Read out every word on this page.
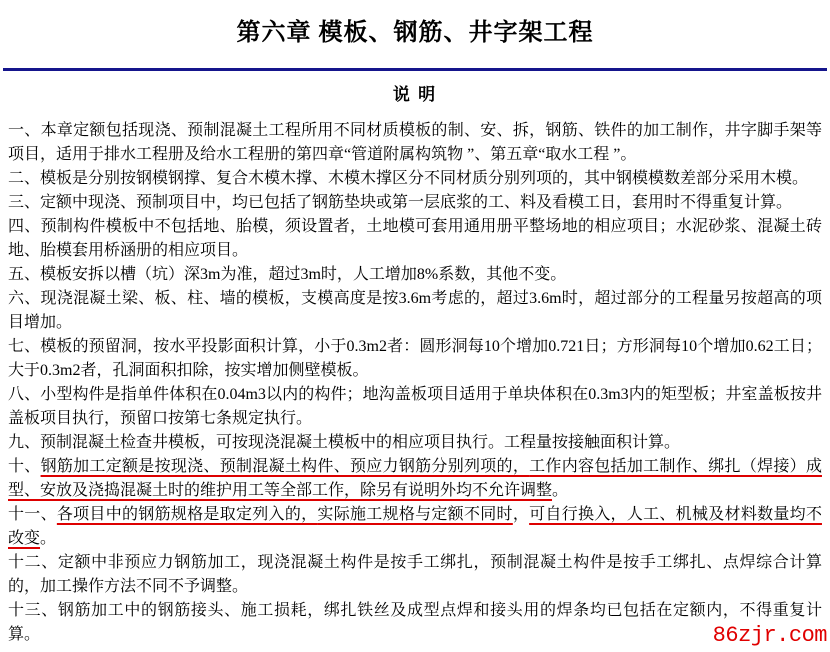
第六章 模板、钢筋、井字架工程
说 明

一、本章定额包括现浇、预制混凝土工程所用不同材质模板的制、安、拆，钢筋、铁件的加工制作，井字脚手架等项目，适用于排水工程册及给水工程册的第四章“管道附属构筑物 ”、第五章“取水工程 ”。

二、模板是分别按钢模钢撑、复合木模木撑、木模木撑区分不同材质分别列项的，其中钢模模数差部分采用木模。

三、定额中现浇、预制项目中，均已包括了钢筋垫块或第一层底浆的工、料及看模工日，套用时不得重复计算。

四、预制构件模板中不包括地、胎模，须设置者，土地模可套用通用册平整场地的相应项目；水泥砂浆、混凝土砖地、胎模套用桥涵册的相应项目。

五、模板安拆以槽（坑）深3m为准，超过3m时，人工增加8%系数，其他不变。

六、现浇混凝土梁、板、柱、墙的模板，支模高度是按3.6m考虑的，超过3.6m时，超过部分的工程量另按超高的项目增加。

七、模板的预留洞，按水平投影面积计算，小于0.3m2者：圆形洞每10个增加0.721日；方形洞每10个增加0.62工日；大于0.3m2者，孔洞面积扣除，按实增加侧壁模板。

八、小型构件是指单件体积在0.04m3以内的构件；地沟盖板项目适用于单块体积在0.3m3内的矩型板；井室盖板按井盖板项目执行，预留口按第七条规定执行。

九、预制混凝土检查井模板，可按现浇混凝土模板中的相应项目执行。工程量按接触面积计算。

十、钢筋加工定额是按现浇、预制混凝土构件、预应力钢筋分别列项的，工作内容包括加工制作、绑扎（焊接）成型、安放及浇捣混凝土时的维护用工等全部工作，除另有说明外均不允许调整。

十一、各项目中的钢筋规格是取定列入的，实际施工规格与定额不同时，可自行换入，人工、机械及材料数量均不改变。

十二、定额中非预应力钢筋加工，现浇混凝土构件是按手工绑扎，预制混凝土构件是按手工绑扎、点焊综合计算的，加工操作方法不同不予调整。

十三、钢筋加工中的钢筋接头、施工损耗，绑扎铁丝及成型点焊和接头用的焊条均已包括在定额内，不得重复计算。	86zjr.com
